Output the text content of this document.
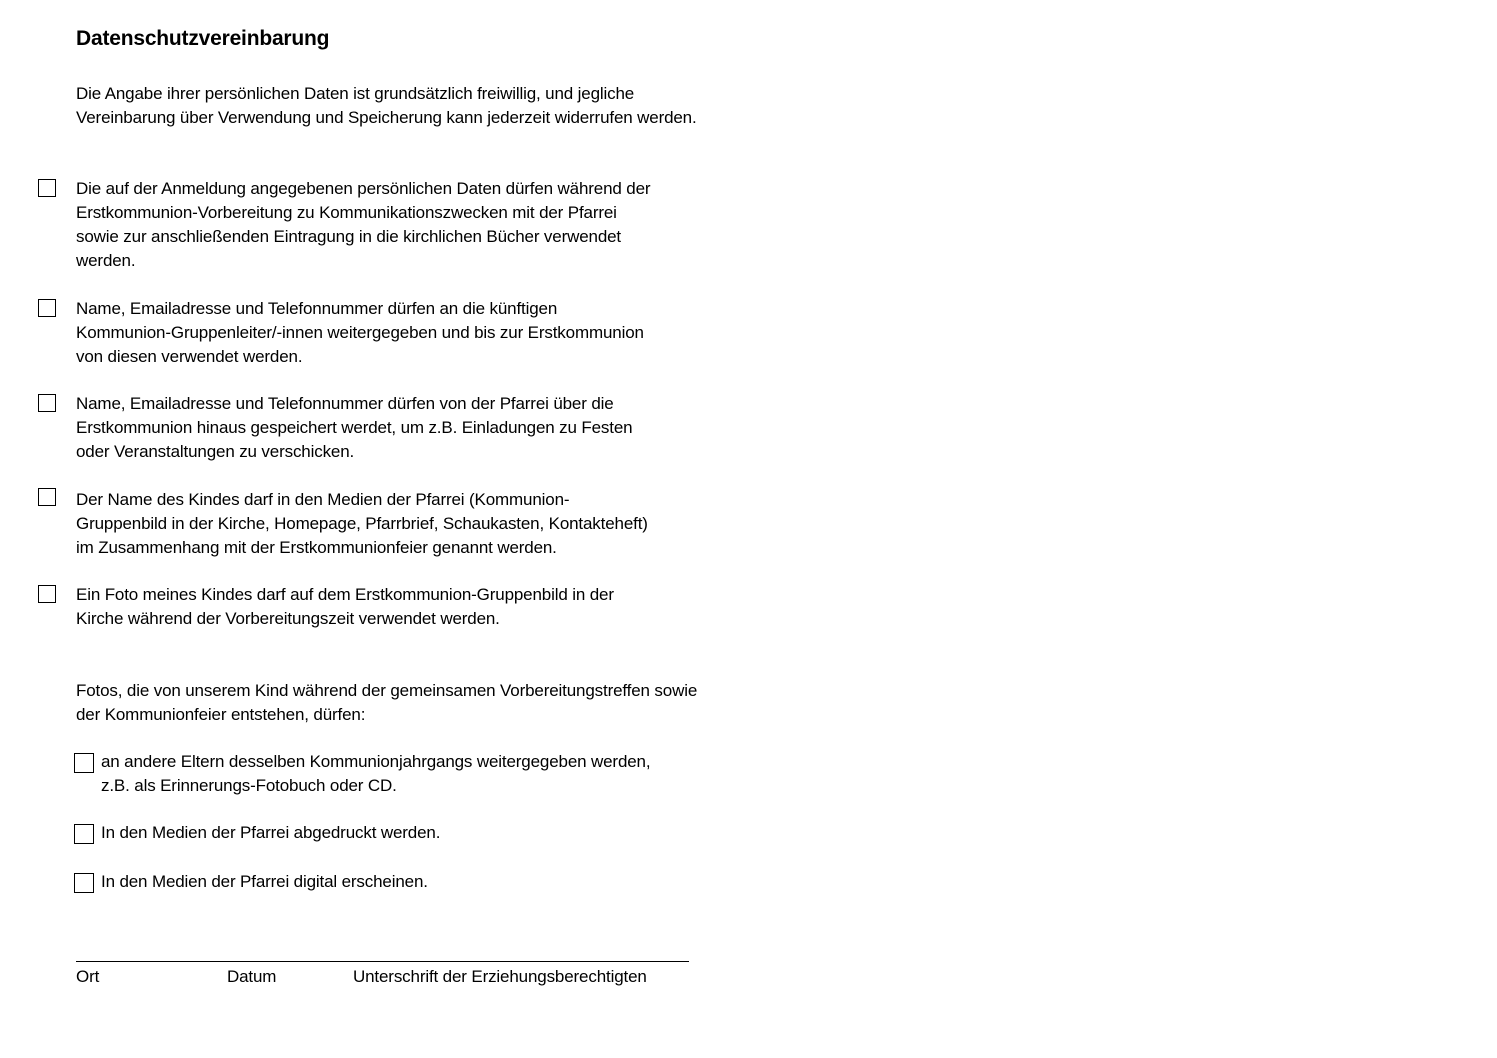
Datenschutzvereinbarung
Die Angabe ihrer persönlichen Daten ist grundsätzlich freiwillig, und jegliche Vereinbarung über Verwendung und Speicherung kann jederzeit widerrufen werden.
Die auf der Anmeldung angegebenen persönlichen Daten dürfen während der
Erstkommunion-Vorbereitung zu Kommunikationszwecken mit der Pfarrei
sowie zur anschließenden Eintragung in die kirchlichen Bücher verwendet
werden.
Name, Emailadresse und Telefonnummer dürfen an die künftigen
Kommunion-Gruppenleiter/-innen weitergegeben und bis zur Erstkommunion
von diesen verwendet werden.
Name, Emailadresse und Telefonnummer dürfen von der Pfarrei über die
Erstkommunion hinaus gespeichert werdet, um z.B. Einladungen zu Festen
oder Veranstaltungen zu verschicken.
Der Name des Kindes darf in den Medien der Pfarrei (Kommunion-
Gruppenbild in der Kirche, Homepage, Pfarrbrief, Schaukasten, Kontakteheft)
im Zusammenhang mit der Erstkommunionfeier genannt werden.
Ein Foto meines Kindes darf auf dem Erstkommunion-Gruppenbild in der
Kirche während der Vorbereitungszeit verwendet werden.
Fotos, die von unserem Kind während der gemeinsamen Vorbereitungstreffen sowie der Kommunionfeier entstehen, dürfen:
an andere Eltern desselben Kommunionjahrgangs weitergegeben werden,
z.B. als Erinnerungs-Fotobuch oder CD.
In den Medien der Pfarrei abgedruckt werden.
In den Medien der Pfarrei digital erscheinen.
Ort	Datum	Unterschrift der Erziehungsberechtigten
